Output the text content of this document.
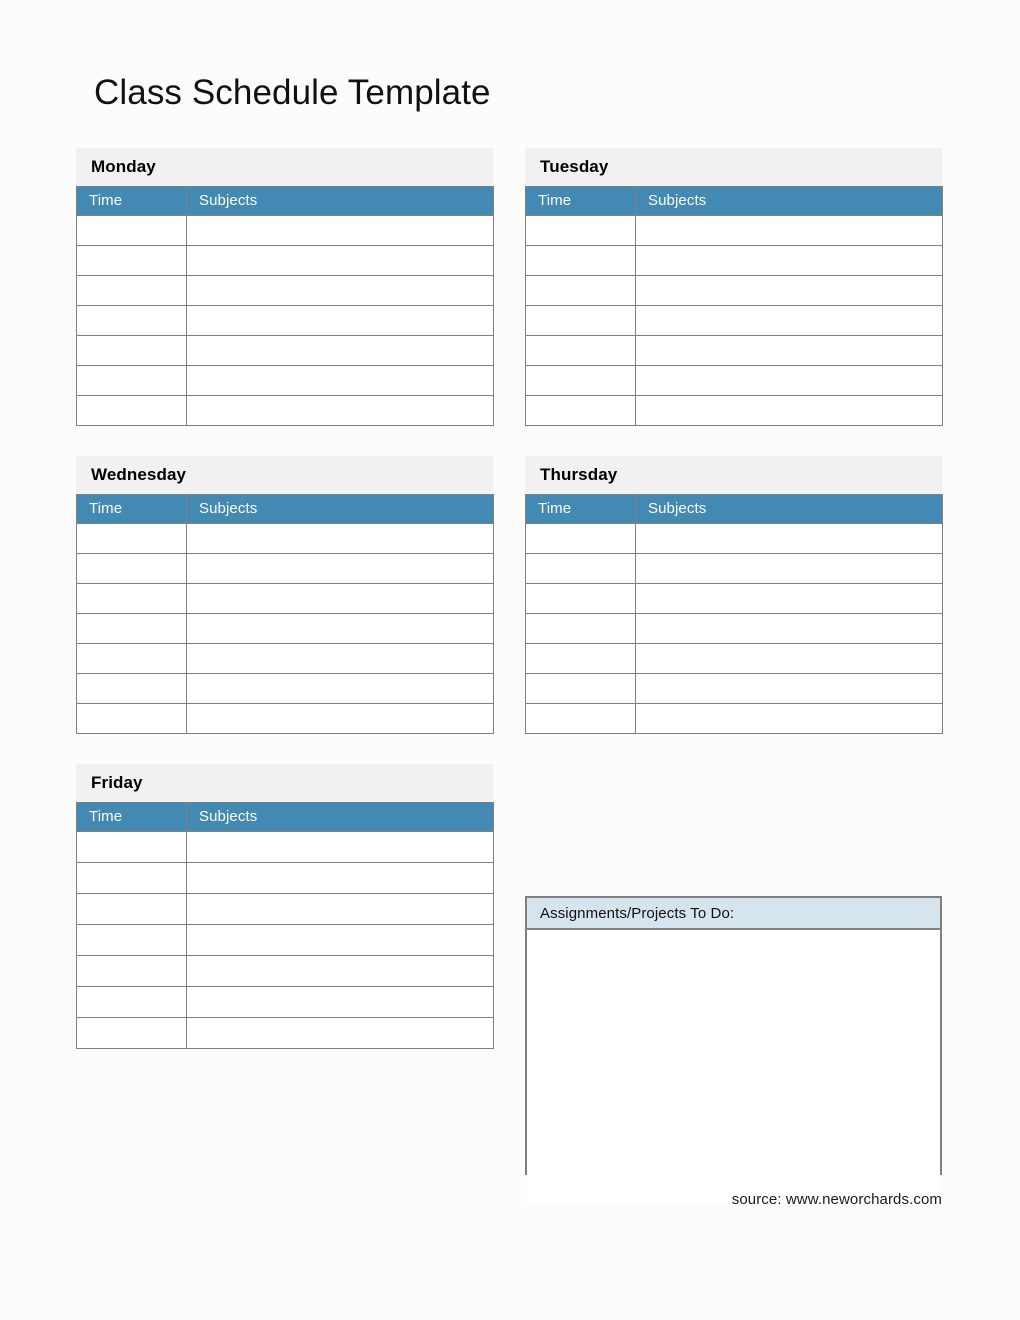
Class Schedule Template
Monday
Time	Subjects

Tuesday
Time	Subjects

Wednesday
Time	Subjects

Thursday
Time	Subjects

Friday
Time	Subjects

Assignments/Projects To Do:
source: www.neworchards.com
